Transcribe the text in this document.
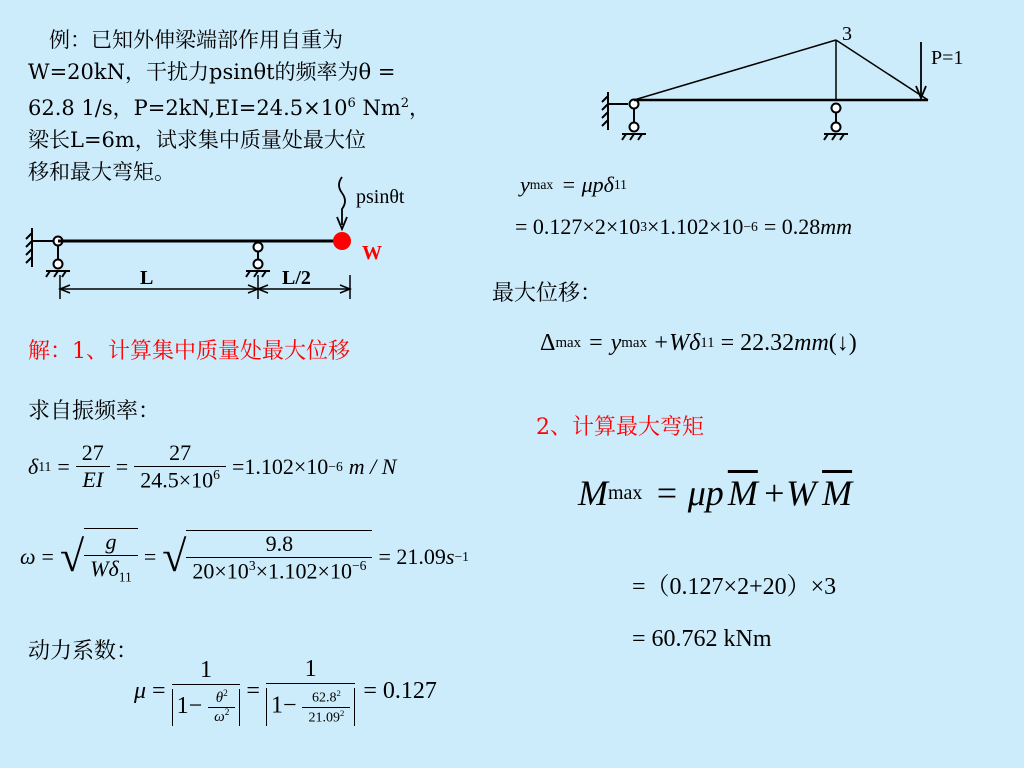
例：已知外伸梁端部作用自重为
W=20kN，干扰力psinθt的频率为θ =
62.8 1/s，$P=2kN,EI=24.5\times 10^6$ Nm$^2$，
梁长L=6m，试求集中质量处最大位
移和最大弯矩。
psinθt
W
L	L/2
3
P=1
解：1、计算集中质量处最大位移
求自振频率：
δ $11 = \frac{27}{EI} = \frac{27}{24.5\times 10^6} =1.102\times 10 -6$ m / N
ω = √ $\frac{g}{W\delta_{11}}$ = √ $\frac{9.8}{20\times 10^3\times 1.102\times 10^{-6}} = 21.09$ s −1
动力系数：
$\mu = \frac{1}{1- \frac{\theta^2}{\omega^2}} = \frac{1}{1- \frac{62.8^2}{21.09^2}} = 0.127$
y max = μpδ 11
= 0.127×2×10 3 ×1.102×10 −6 = 0.28 mm
最大位移：
Δ max = y max +Wδ 11 = 22.32 mm (↓)
2、计算最大弯矩
M max = μp $\overline{M} +W$ $\overline{M}$
=（0.127×2+20）×3
= 60.762 kNm
